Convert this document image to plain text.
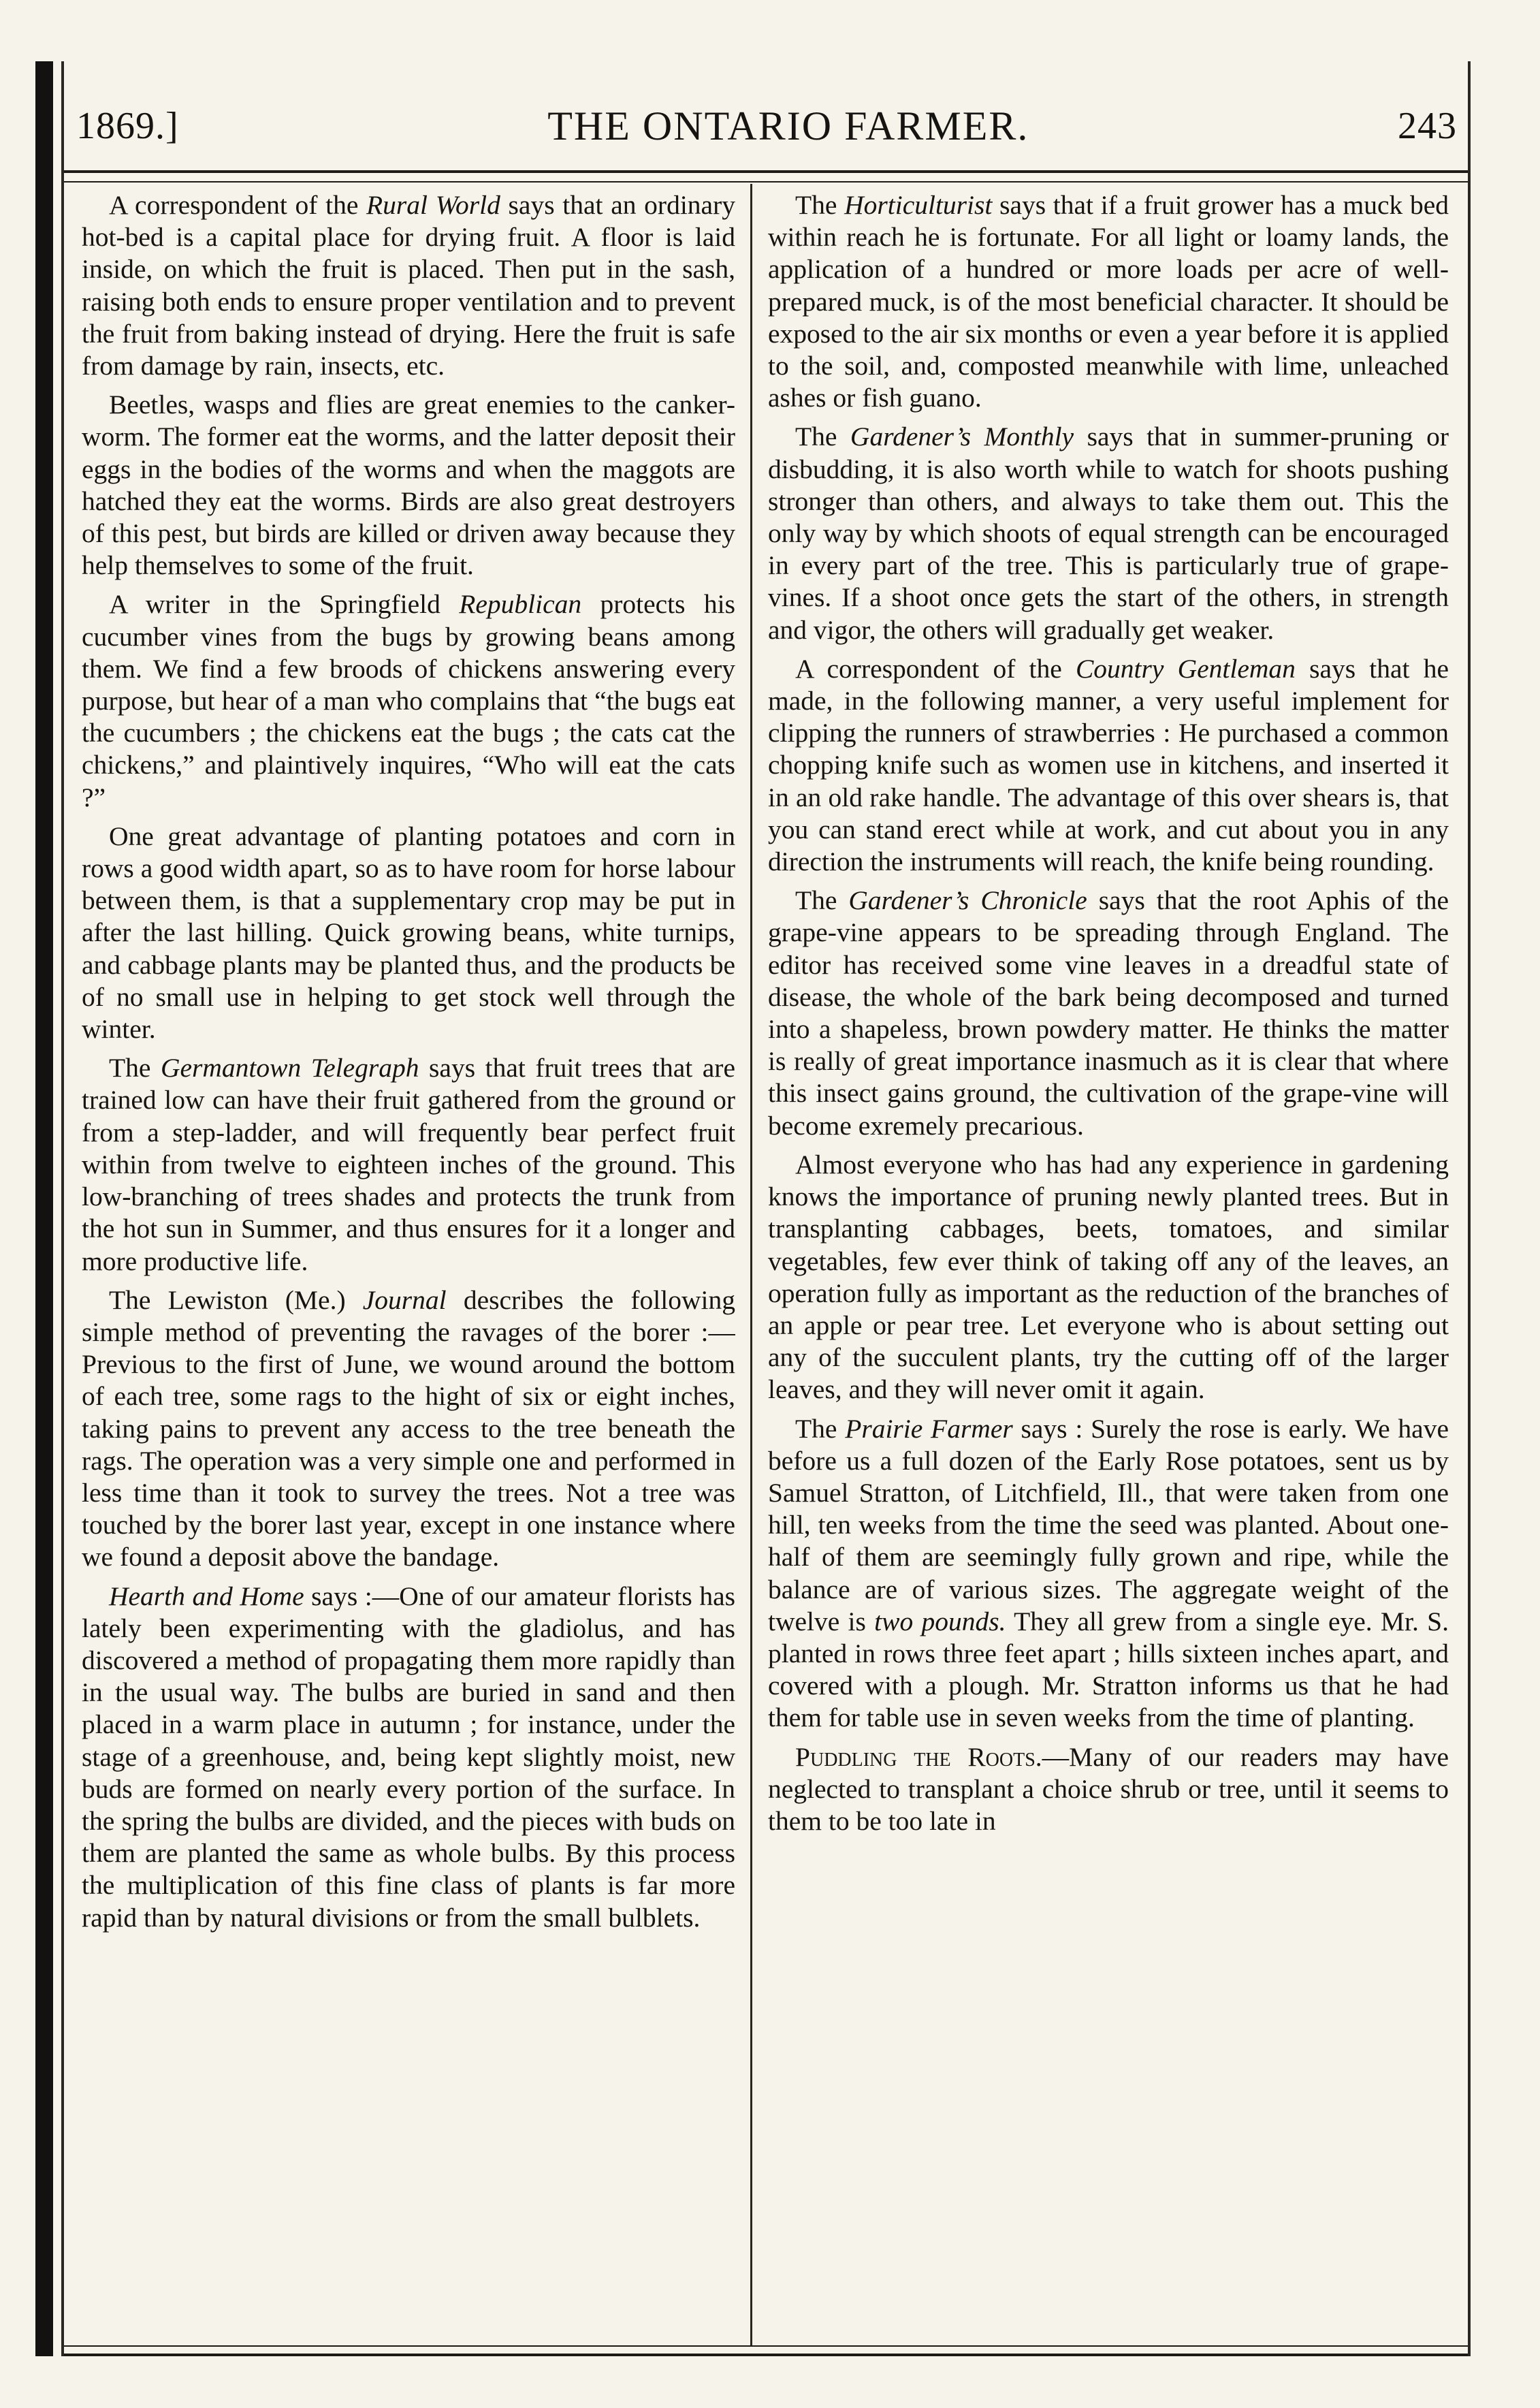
1869.]	THE ONTARIO FARMER.	243

A correspondent of the Rural World says that an ordinary hot-bed is a capital place for drying fruit. A floor is laid inside, on which the fruit is placed. Then put in the sash, raising both ends to ensure proper ventilation and to prevent the fruit from baking instead of drying. Here the fruit is safe from damage by rain, insects, etc.

Beetles, wasps and flies are great enemies to the canker-worm. The former eat the worms, and the latter deposit their eggs in the bodies of the worms and when the maggots are hatched they eat the worms. Birds are also great destroyers of this pest, but birds are killed or driven away because they help themselves to some of the fruit.

A writer in the Springfield Republican protects his cucumber vines from the bugs by growing beans among them. We find a few broods of chickens answering every purpose, but hear of a man who complains that “the bugs eat the cucumbers ; the chickens eat the bugs ; the cats cat the chickens,” and plaintively inquires, “Who will eat the cats ?”

One great advantage of planting potatoes and corn in rows a good width apart, so as to have room for horse labour between them, is that a supplementary crop may be put in after the last hilling. Quick growing beans, white turnips, and cabbage plants may be planted thus, and the products be of no small use in helping to get stock well through the winter.

The Germantown Telegraph says that fruit trees that are trained low can have their fruit gathered from the ground or from a step-ladder, and will frequently bear perfect fruit within from twelve to eighteen inches of the ground. This low-branching of trees shades and protects the trunk from the hot sun in Summer, and thus ensures for it a longer and more productive life.

The Lewiston (Me.) Journal describes the following simple method of preventing the ravages of the borer :—Previous to the first of June, we wound around the bottom of each tree, some rags to the hight of six or eight inches, taking pains to prevent any access to the tree beneath the rags. The operation was a very simple one and performed in less time than it took to survey the trees. Not a tree was touched by the borer last year, except in one instance where we found a deposit above the bandage.

Hearth and Home says :—One of our amateur florists has lately been experimenting with the gladiolus, and has discovered a method of propagating them more rapidly than in the usual way. The bulbs are buried in sand and then placed in a warm place in autumn ; for instance, under the stage of a greenhouse, and, being kept slightly moist, new buds are formed on nearly every portion of the surface. In the spring the bulbs are divided, and the pieces with buds on them are planted the same as whole bulbs. By this process the multiplication of this fine class of plants is far more rapid than by natural divisions or from the small bulblets.

The Horticulturist says that if a fruit grower has a muck bed within reach he is fortunate. For all light or loamy lands, the application of a hundred or more loads per acre of well-prepared muck, is of the most beneficial character. It should be exposed to the air six months or even a year before it is applied to the soil, and, composted meanwhile with lime, unleached ashes or fish guano.

The Gardener’s Monthly says that in summer-pruning or disbudding, it is also worth while to watch for shoots pushing stronger than others, and always to take them out. This the only way by which shoots of equal strength can be encouraged in every part of the tree. This is particularly true of grape-vines. If a shoot once gets the start of the others, in strength and vigor, the others will gradually get weaker.

A correspondent of the Country Gentleman says that he made, in the following manner, a very useful implement for clipping the runners of strawberries : He purchased a common chopping knife such as women use in kitchens, and inserted it in an old rake handle. The advantage of this over shears is, that you can stand erect while at work, and cut about you in any direction the instruments will reach, the knife being rounding.

The Gardener’s Chronicle says that the root Aphis of the grape-vine appears to be spreading through England. The editor has received some vine leaves in a dreadful state of disease, the whole of the bark being decomposed and turned into a shapeless, brown powdery matter. He thinks the matter is really of great importance inasmuch as it is clear that where this insect gains ground, the cultivation of the grape-vine will become exremely precarious.

Almost everyone who has had any experience in gardening knows the importance of pruning newly planted trees. But in transplanting cabbages, beets, tomatoes, and similar vegetables, few ever think of taking off any of the leaves, an operation fully as important as the reduction of the branches of an apple or pear tree. Let everyone who is about setting out any of the succulent plants, try the cutting off of the larger leaves, and they will never omit it again.

The Prairie Farmer says : Surely the rose is early. We have before us a full dozen of the Early Rose potatoes, sent us by Samuel Stratton, of Litchfield, Ill., that were taken from one hill, ten weeks from the time the seed was planted. About one-half of them are seemingly fully grown and ripe, while the balance are of various sizes. The aggregate weight of the twelve is two pounds. They all grew from a single eye. Mr. S. planted in rows three feet apart ; hills sixteen inches apart, and covered with a plough. Mr. Stratton informs us that he had them for table use in seven weeks from the time of planting.

Puddling the Roots.—Many of our readers may have neglected to transplant a choice shrub or tree, until it seems to them to be too late in
